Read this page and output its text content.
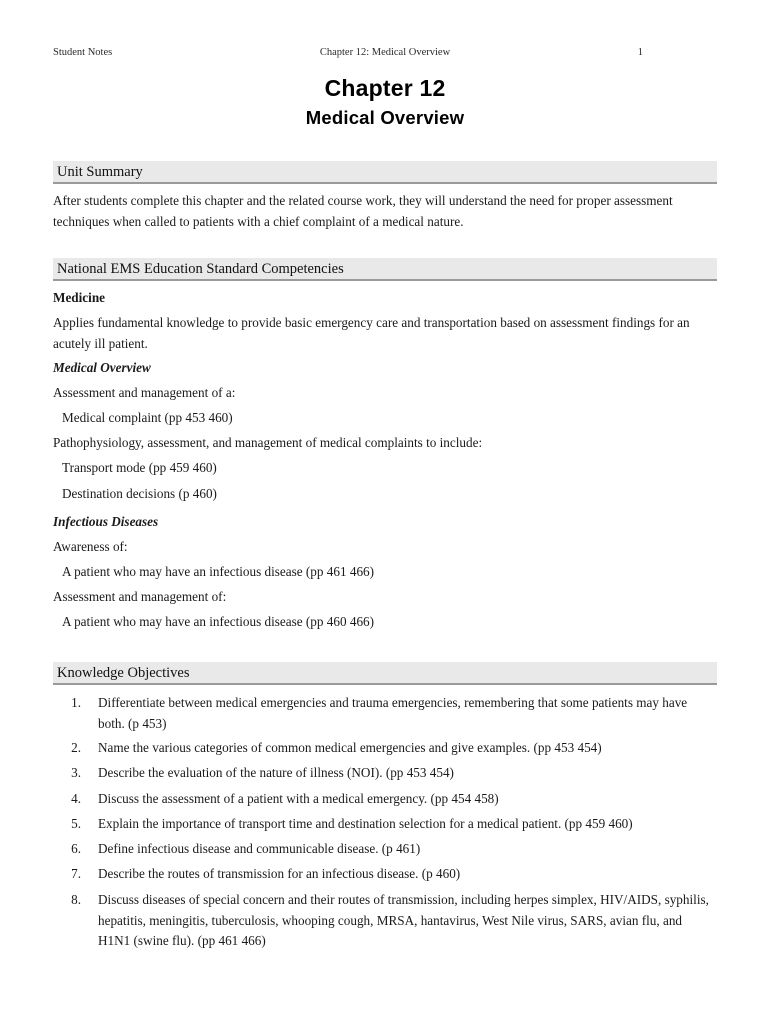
Student Notes	Chapter 12: Medical Overview	1
Chapter 12
Medical Overview
Unit Summary
After students complete this chapter and the related course work, they will understand the need for proper assessment techniques when called to patients with a chief complaint of a medical nature.
National EMS Education Standard Competencies
Medicine
Applies fundamental knowledge to provide basic emergency care and transportation based on assessment findings for an acutely ill patient.
Medical Overview
Assessment and management of a:
Medical complaint (pp 453 460)
Pathophysiology, assessment, and management of medical complaints to include:
Transport mode (pp 459 460)
Destination decisions (p 460)
Infectious Diseases
Awareness of:
A patient who may have an infectious disease (pp 461 466)
Assessment and management of:
A patient who may have an infectious disease (pp 460 466)
Knowledge Objectives
1. Differentiate between medical emergencies and trauma emergencies, remembering that some patients may have both. (p 453)
2. Name the various categories of common medical emergencies and give examples. (pp 453 454)
3. Describe the evaluation of the nature of illness (NOI). (pp 453 454)
4. Discuss the assessment of a patient with a medical emergency. (pp 454 458)
5. Explain the importance of transport time and destination selection for a medical patient. (pp 459 460)
6. Define infectious disease and communicable disease. (p 461)
7. Describe the routes of transmission for an infectious disease. (p 460)
8. Discuss diseases of special concern and their routes of transmission, including herpes simplex, HIV/AIDS, syphilis, hepatitis, meningitis, tuberculosis, whooping cough, MRSA, hantavirus, West Nile virus, SARS, avian flu, and H1N1 (swine flu). (pp 461 466)
